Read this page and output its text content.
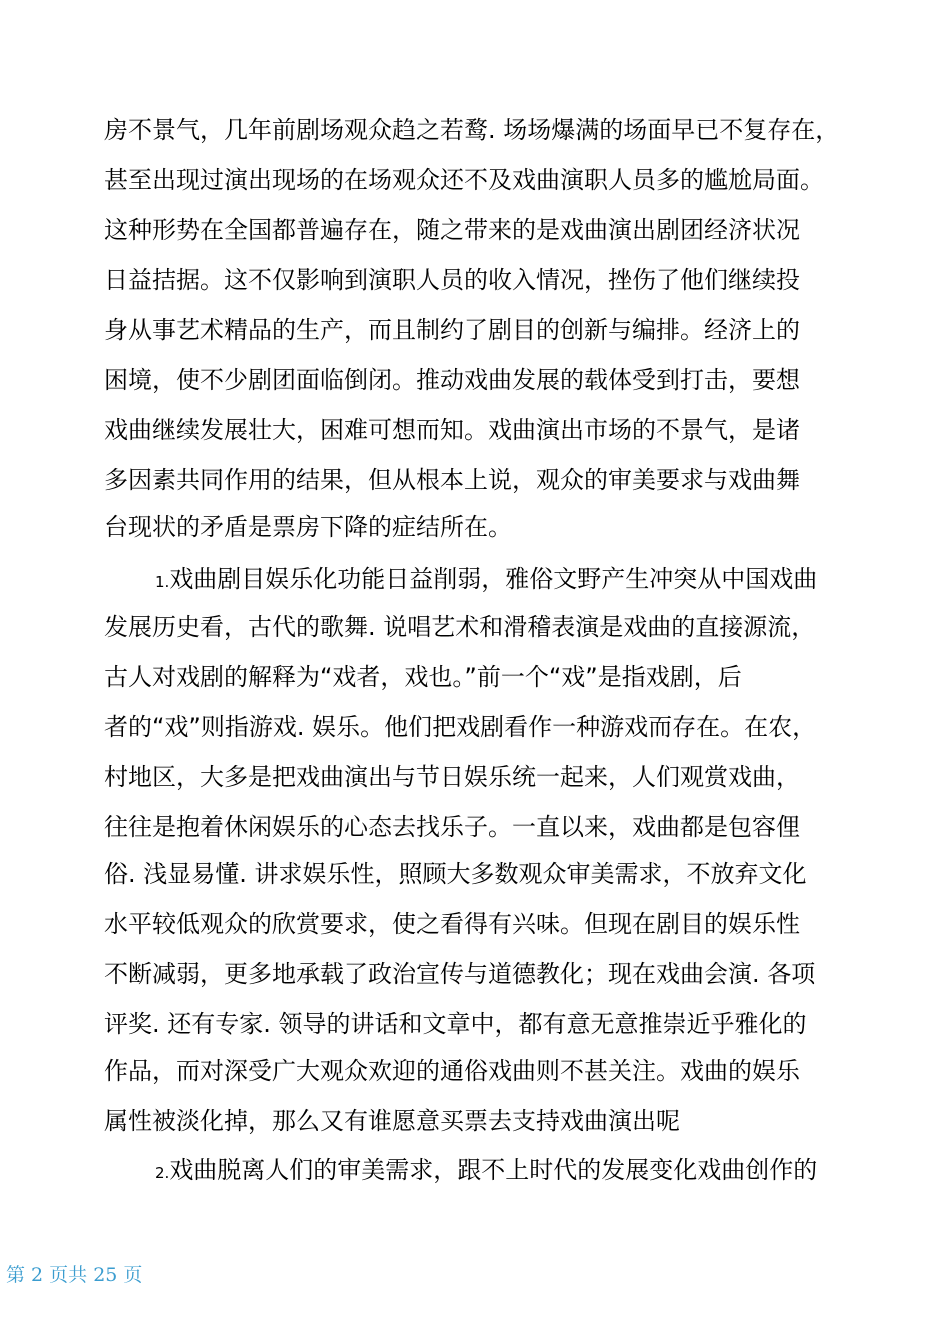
房不景气，几年前剧场观众趋之若鹜. 场场爆满的场面早已不复存在，
甚至出现过演出现场的在场观众还不及戏曲演职人员多的尴尬局面。
这种形势在全国都普遍存在，随之带来的是戏曲演出剧团经济状况
日益拮据。这不仅影响到演职人员的收入情况，挫伤了他们继续投
身从事艺术精品的生产，而且制约了剧目的创新与编排。经济上的
困境，使不少剧团面临倒闭。推动戏曲发展的载体受到打击，要想
戏曲继续发展壮大，困难可想而知。戏曲演出市场的不景气，是诸
多因素共同作用的结果，但从根本上说，观众的审美要求与戏曲舞
台现状的矛盾是票房下降的症结所在。
1.戏曲剧目娱乐化功能日益削弱，雅俗文野产生冲突从中国戏曲
发展历史看，古代的歌舞. 说唱艺术和滑稽表演是戏曲的直接源流，
古人对戏剧的解释为“戏者，戏也。”前一个“戏”是指戏剧，后
者的“戏”则指游戏. 娱乐。他们把戏剧看作一种游戏而存在。在农，
村地区，大多是把戏曲演出与节日娱乐统一起来，人们观赏戏曲，
往往是抱着休闲娱乐的心态去找乐子。一直以来，戏曲都是包容俚
俗. 浅显易懂. 讲求娱乐性，照顾大多数观众审美需求，不放弃文化
水平较低观众的欣赏要求，使之看得有兴味。但现在剧目的娱乐性
不断减弱，更多地承载了政治宣传与道德教化；现在戏曲会演. 各项
评奖. 还有专家. 领导的讲话和文章中，都有意无意推崇近乎雅化的
作品，而对深受广大观众欢迎的通俗戏曲则不甚关注。戏曲的娱乐
属性被淡化掉，那么又有谁愿意买票去支持戏曲演出呢
2.戏曲脱离人们的审美需求，跟不上时代的发展变化戏曲创作的
第 2 页共 25 页
